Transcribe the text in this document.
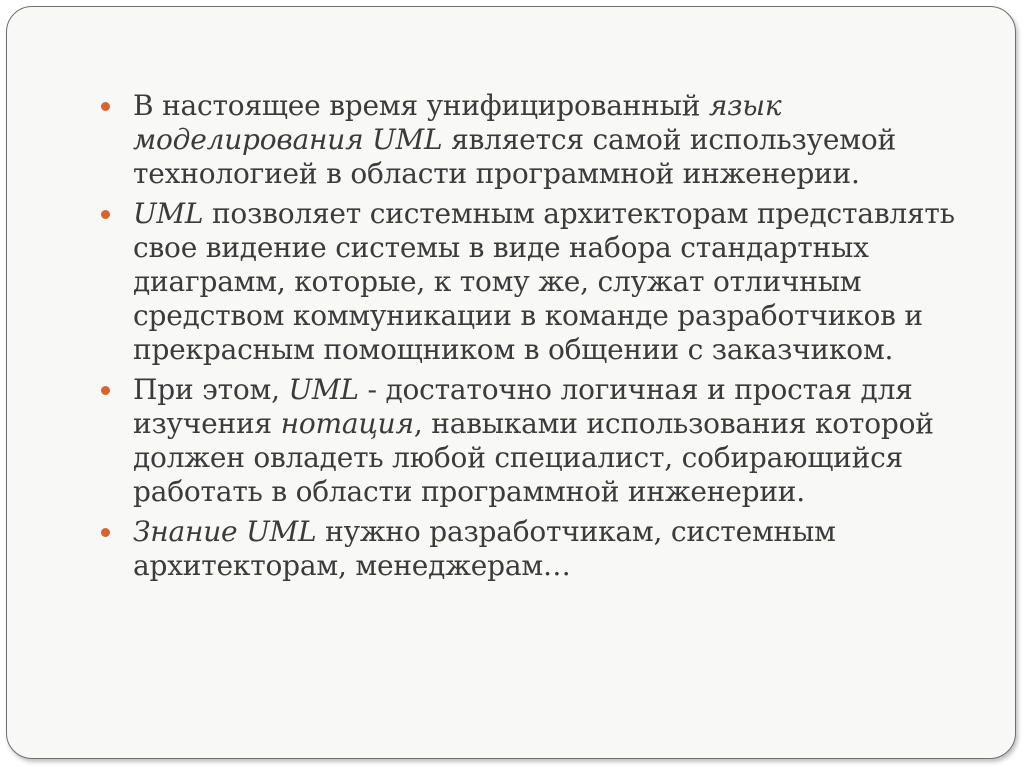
В настоящее время унифицированный язык моделирования UML является самой используемой технологией в области программной инженерии.
UML позволяет системным архитекторам представлять свое видение системы в виде набора стандартных диаграмм, которые, к тому же, служат отличным средством коммуникации в команде разработчиков и прекрасным помощником в общении с заказчиком.
При этом, UML - достаточно логичная и простая для изучения нотация, навыками использования которой должен овладеть любой специалист, собирающийся работать в области программной инженерии.
Знание UML нужно разработчикам, системным архитекторам, менеджерам…
